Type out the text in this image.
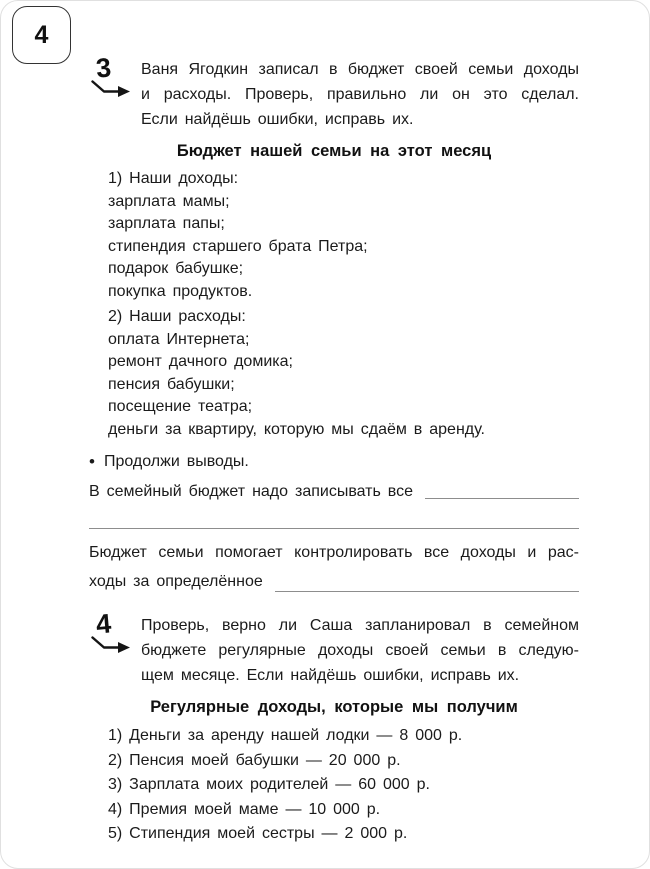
4
3	Ваня Ягодкин записал в бюджет своей семьи доходы
и расходы. Проверь, правильно ли он это сделал.
Если найдёшь ошибки, исправь их.
Бюджет нашей семьи на этот месяц
1) Наши доходы:
зарплата мамы;
зарплата папы;
стипендия старшего брата Петра;
подарок бабушке;
покупка продуктов.
2) Наши расходы:
оплата Интернета;
ремонт дачного домика;
пенсия бабушки;
посещение театра;
деньги за квартиру, которую мы сдаём в аренду.
• Продолжи выводы.
В семейный бюджет надо записывать все
Бюджет семьи помогает контролировать все доходы и рас-
ходы за определённое
4	Проверь, верно ли Саша запланировал в семейном
бюджете регулярные доходы своей семьи в следую-
щем месяце. Если найдёшь ошибки, исправь их.
Регулярные доходы, которые мы получим
1) Деньги за аренду нашей лодки — 8 000 р.
2) Пенсия моей бабушки — 20 000 р.
3) Зарплата моих родителей — 60 000 р.
4) Премия моей маме — 10 000 р.
5) Стипендия моей сестры — 2 000 р.
